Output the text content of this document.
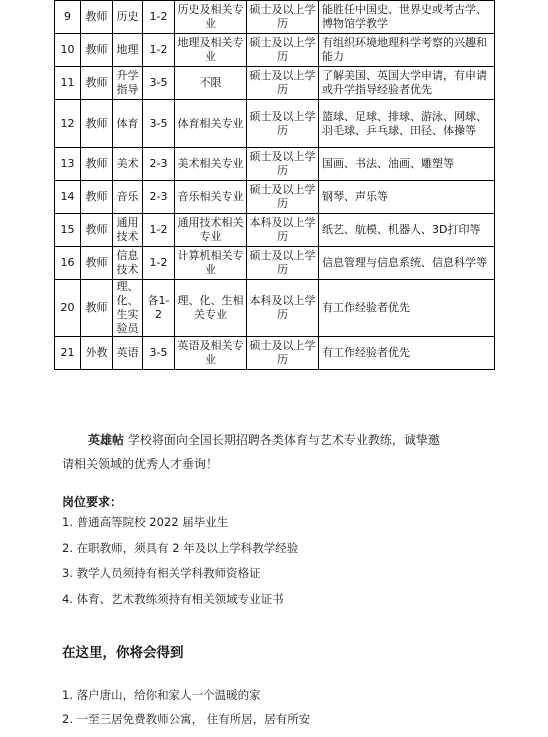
9	教师	历史	1-2	历史及相关专业	硕士及以上学历	能胜任中国史、世界史或考古学、博物馆学教学
10	教师	地理	1-2	地理及相关专业	硕士及以上学历	有组织环境地理科学考察的兴趣和能力
11	教师	升学指导	3-5	不限	硕士及以上学历	了解美国、英国大学申请，有申请或升学指导经验者优先
12	教师	体育	3-5	体育相关专业	硕士及以上学历	篮球、足球、排球、游泳、网球、羽毛球、乒乓球、田径、体操等
13	教师	美术	2-3	美术相关专业	硕士及以上学历	国画、书法、油画、雕塑等
14	教师	音乐	2-3	音乐相关专业	硕士及以上学历	钢琴、声乐等
15	教师	通用技术	1-2	通用技术相关专业	本科及以上学历	纸艺、航模、机器人、3D打印等
16	教师	信息技术	1-2	计算机相关专业	硕士及以上学历	信息管理与信息系统、信息科学等
20	教师	理、化、生实验员	各1-2	理、化、生相关专业	本科及以上学历	有工作经验者优先
21	外教	英语	3-5	英语及相关专业	硕士及以上学历	有工作经验者优先
英雄帖 学校将面向全国长期招聘各类体育与艺术专业教练，诚挚邀
请相关领域的优秀人才垂询！
岗位要求：
1. 普通高等院校 2022 届毕业生
2. 在职教师，须具有 2 年及以上学科教学经验
3. 教学人员须持有相关学科教师资格证
4. 体育、艺术教练须持有相关领域专业证书
在这里，你将会得到
1. 落户唐山，给你和家人一个温暖的家
2. 一至三居免费教师公寓， 住有所居，居有所安
